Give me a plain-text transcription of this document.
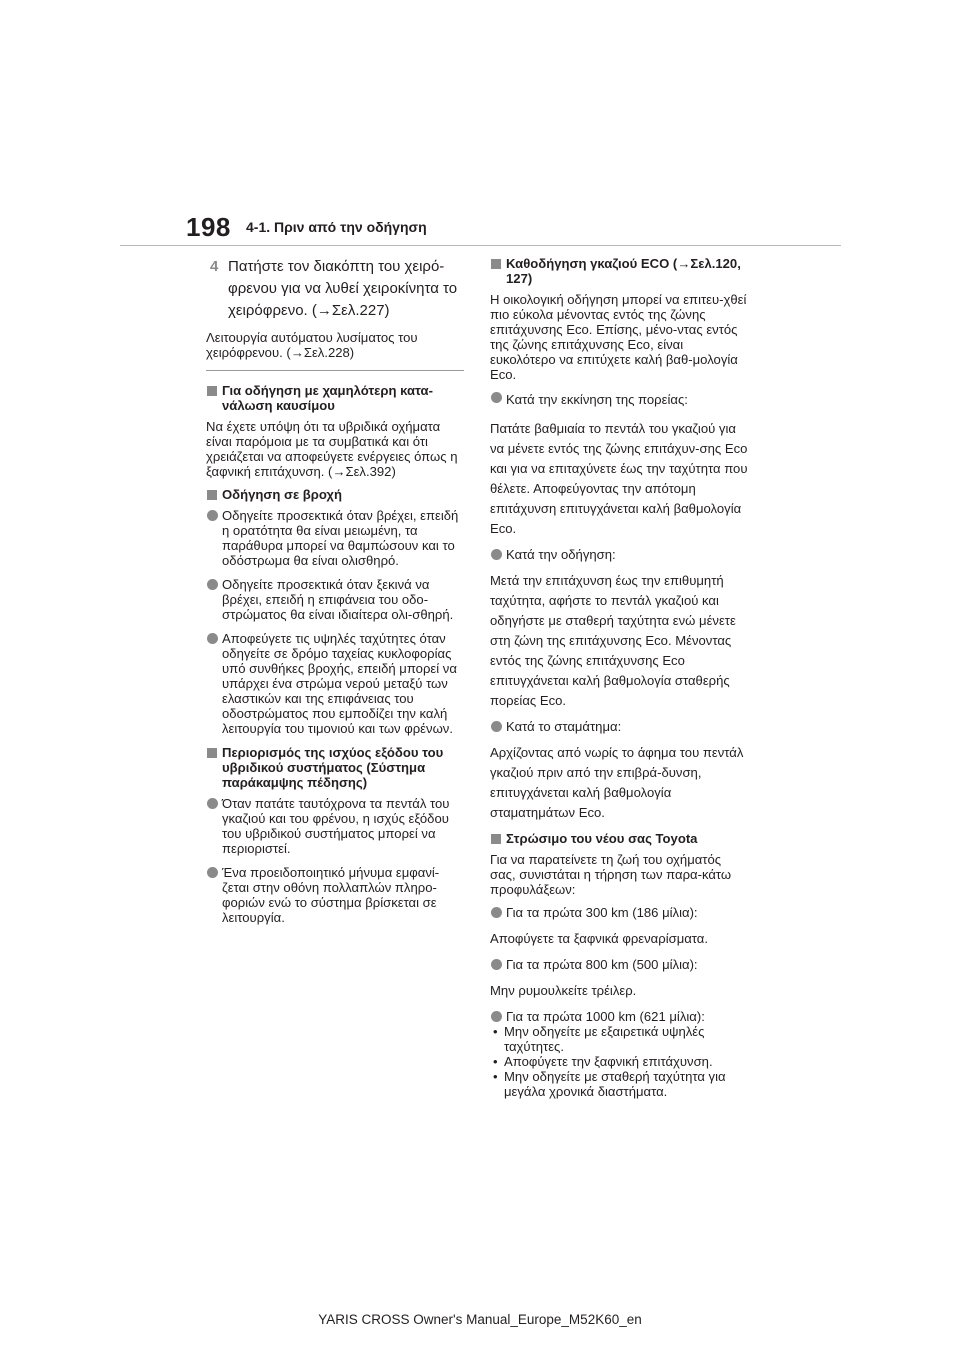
198 4-1. Πριν από την οδήγηση
4 Πατήστε τον διακόπτη του χειρό-φρενου για να λυθεί χειροκίνητα το χειρόφρενο. (→Σελ.227)
Λειτουργία αυτόματου λυσίματος του χειρόφρενου. (→Σελ.228)
Για οδήγηση με χαμηλότερη κατα-νάλωση καυσίμου
Να έχετε υπόψη ότι τα υβριδικά οχήματα είναι παρόμοια με τα συμβατικά και ότι χρειάζεται να αποφεύγετε ενέργειες όπως η ξαφνική επιτάχυνση. (→Σελ.392)
Οδήγηση σε βροχή
Οδηγείτε προσεκτικά όταν βρέχει, επειδή η ορατότητα θα είναι μειωμένη, τα παράθυρα μπορεί να θαμπώσουν και το οδόστρωμα θα είναι ολισθηρό.
Οδηγείτε προσεκτικά όταν ξεκινά να βρέχει, επειδή η επιφάνεια του οδο-στρώματος θα είναι ιδιαίτερα ολι-σθηρή.
Αποφεύγετε τις υψηλές ταχύτητες όταν οδηγείτε σε δρόμο ταχείας κυκλοφορίας υπό συνθήκες βροχής, επειδή μπορεί να υπάρχει ένα στρώμα νερού μεταξύ των ελαστικών και της επιφάνειας του οδοστρώματος που εμποδίζει την καλή λειτουργία του τιμονιού και των φρένων.
Περιορισμός της ισχύος εξόδου του υβριδικού συστήματος (Σύστημα παράκαμψης πέδησης)
Όταν πατάτε ταυτόχρονα τα πεντάλ του γκαζιού και του φρένου, η ισχύς εξόδου του υβριδικού συστήματος μπορεί να περιοριστεί.
Ένα προειδοποιητικό μήνυμα εμφανί-ζεται στην οθόνη πολλαπλών πληρο-φοριών ενώ το σύστημα βρίσκεται σε λειτουργία.
Καθοδήγηση γκαζιού ECO (→Σελ.120, 127)
Η οικολογική οδήγηση μπορεί να επιτευ-χθεί πιο εύκολα μένοντας εντός της ζώνης επιτάχυνσης Eco. Επίσης, μένο-ντας εντός της ζώνης επιτάχυνσης Eco, είναι ευκολότερο να επιτύχετε καλή βαθ-μολογία Eco.
Κατά την εκκίνηση της πορείας:
Πατάτε βαθμιαία το πεντάλ του γκαζιού για να μένετε εντός της ζώνης επιτάχυν-σης Eco και για να επιταχύνετε έως την ταχύτητα που θέλετε. Αποφεύγοντας την απότομη επιτάχυνση επιτυγχάνεται καλή βαθμολογία Eco.
Κατά την οδήγηση:
Μετά την επιτάχυνση έως την επιθυμητή ταχύτητα, αφήστε το πεντάλ γκαζιού και οδηγήστε με σταθερή ταχύτητα ενώ μένετε στη ζώνη της επιτάχυνσης Eco. Μένοντας εντός της ζώνης επιτάχυνσης Eco επιτυγχάνεται καλή βαθμολογία σταθερής πορείας Eco.
Κατά το σταμάτημα:
Αρχίζοντας από νωρίς το άφημα του πεντάλ γκαζιού πριν από την επιβρά-δυνση, επιτυγχάνεται καλή βαθμολογία σταματημάτων Eco.
Στρώσιμο του νέου σας Toyota
Για να παρατείνετε τη ζωή του οχήματός σας, συνιστάται η τήρηση των παρα-κάτω προφυλάξεων:
Για τα πρώτα 300 km (186 μίλια):
Αποφύγετε τα ξαφνικά φρεναρίσματα.
Για τα πρώτα 800 km (500 μίλια):
Μην ρυμουλκείτε τρέιλερ.
Για τα πρώτα 1000 km (621 μίλια):
• Μην οδηγείτε με εξαιρετικά υψηλές ταχύτητες.
• Αποφύγετε την ξαφνική επιτάχυνση.
• Μην οδηγείτε με σταθερή ταχύτητα για μεγάλα χρονικά διαστήματα.
YARIS CROSS Owner's Manual_Europe_M52K60_en
